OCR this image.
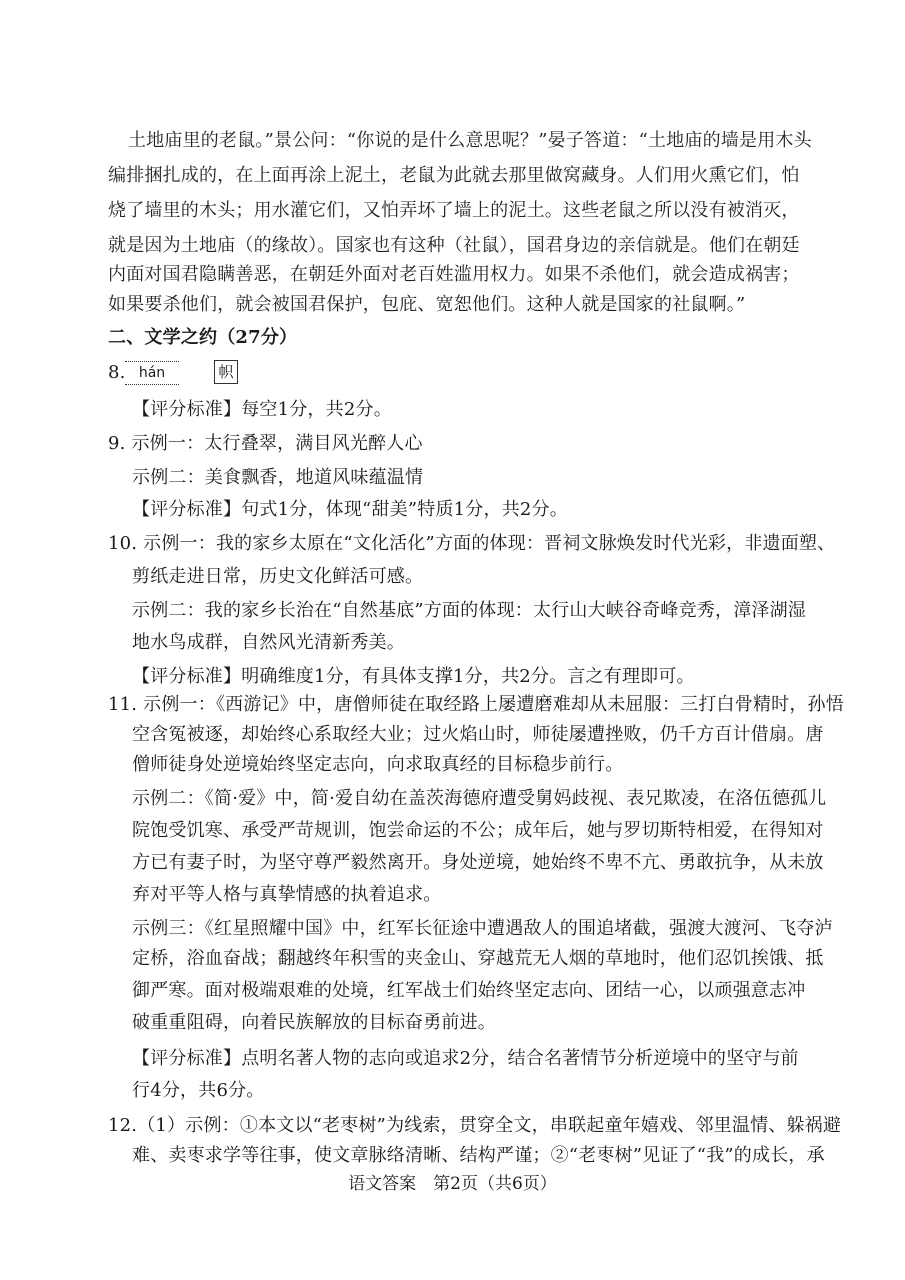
土地庙里的老鼠。”景公问：“你说的是什么意思呢？”晏子答道：“土地庙的墙是用木头
编排捆扎成的，在上面再涂上泥土，老鼠为此就去那里做窝藏身。人们用火熏它们，怕
烧了墙里的木头；用水灌它们，又怕弄坏了墙上的泥土。这些老鼠之所以没有被消灭，
就是因为土地庙（的缘故）。国家也有这种（社鼠），国君身边的亲信就是。他们在朝廷
内面对国君隐瞒善恶，在朝廷外面对老百姓滥用权力。如果不杀他们，就会造成祸害；
如果要杀他们，就会被国君保护，包庇、宽恕他们。这种人就是国家的社鼠啊。”
二、文学之约（27分）
8. hán	帜
【评分标准】每空1分，共2分。
9. 示例一：太行叠翠，满目风光醉人心
示例二：美食飘香，地道风味蕴温情
【评分标准】句式1分，体现“甜美”特质1分，共2分。
10. 示例一：我的家乡太原在“文化活化”方面的体现：晋祠文脉焕发时代光彩，非遗面塑、
剪纸走进日常，历史文化鲜活可感。
示例二：我的家乡长治在“自然基底”方面的体现：太行山大峡谷奇峰竞秀，漳泽湖湿
地水鸟成群，自然风光清新秀美。
【评分标准】明确维度1分，有具体支撑1分，共2分。言之有理即可。
11. 示例一：《西游记》中，唐僧师徒在取经路上屡遭磨难却从未屈服：三打白骨精时，孙悟
空含冤被逐，却始终心系取经大业；过火焰山时，师徒屡遭挫败，仍千方百计借扇。唐
僧师徒身处逆境始终坚定志向，向求取真经的目标稳步前行。
示例二：《简·爱》中，简·爱自幼在盖茨海德府遭受舅妈歧视、表兄欺凌，在洛伍德孤儿
院饱受饥寒、承受严苛规训，饱尝命运的不公；成年后，她与罗切斯特相爱，在得知对
方已有妻子时，为坚守尊严毅然离开。身处逆境，她始终不卑不亢、勇敢抗争，从未放
弃对平等人格与真挚情感的执着追求。
示例三：《红星照耀中国》中，红军长征途中遭遇敌人的围追堵截，强渡大渡河、飞夺泸
定桥，浴血奋战；翻越终年积雪的夹金山、穿越荒无人烟的草地时，他们忍饥挨饿、抵
御严寒。面对极端艰难的处境，红军战士们始终坚定志向、团结一心，以顽强意志冲
破重重阻碍，向着民族解放的目标奋勇前进。
【评分标准】点明名著人物的志向或追求2分，结合名著情节分析逆境中的坚守与前
行4分，共6分。
12.（1）示例：①本文以“老枣树”为线索，贯穿全文，串联起童年嬉戏、邻里温情、躲祸避
语文答案　第2页（共6页）
难、卖枣求学等往事，使文章脉络清晰、结构严谨；②“老枣树”见证了“我”的成长，承
